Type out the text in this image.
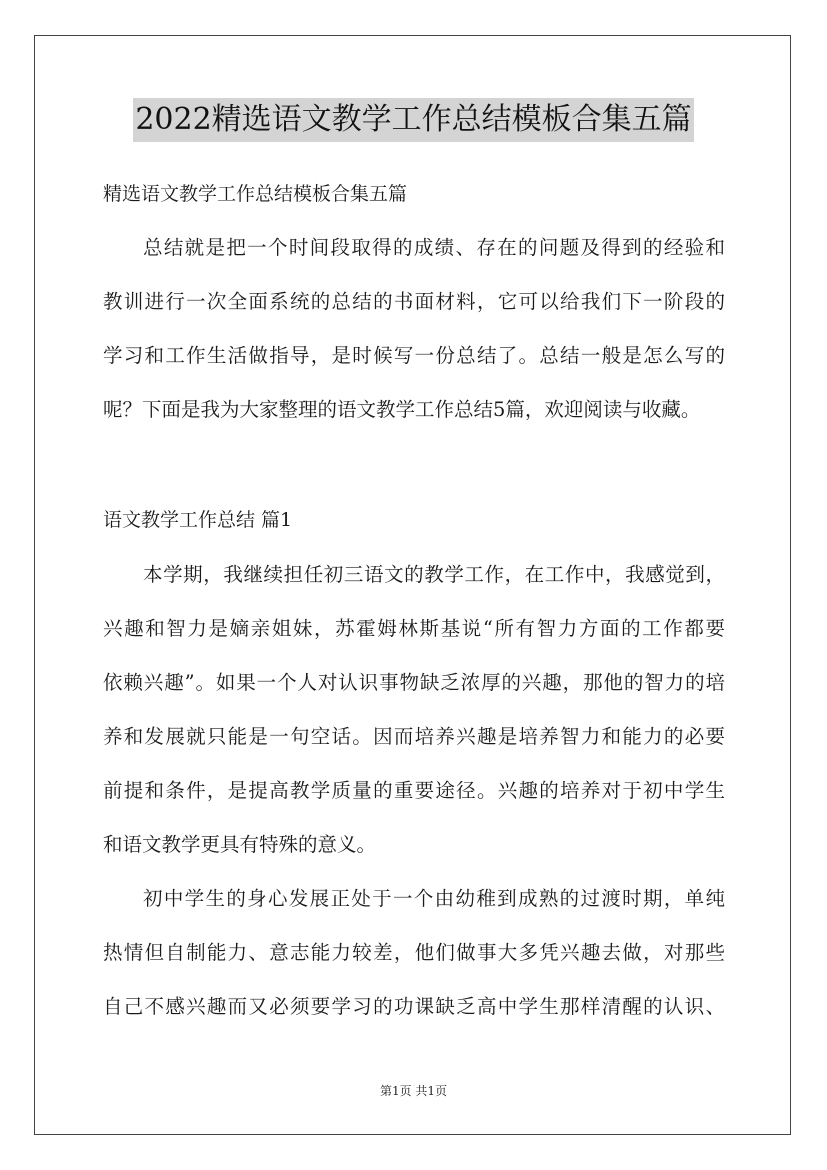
2022精选语文教学工作总结模板合集五篇
精选语文教学工作总结模板合集五篇
总结就是把一个时间段取得的成绩、存在的问题及得到的经验和
教训进行一次全面系统的总结的书面材料，它可以给我们下一阶段的
学习和工作生活做指导，是时候写一份总结了。总结一般是怎么写的
呢？下面是我为大家整理的语文教学工作总结5篇，欢迎阅读与收藏。
语文教学工作总结 篇1
本学期，我继续担任初三语文的教学工作，在工作中，我感觉到，
兴趣和智力是嫡亲姐妹，苏霍姆林斯基说“所有智力方面的工作都要
依赖兴趣”。如果一个人对认识事物缺乏浓厚的兴趣，那他的智力的培
养和发展就只能是一句空话。因而培养兴趣是培养智力和能力的必要
前提和条件，是提高教学质量的重要途径。兴趣的培养对于初中学生
和语文教学更具有特殊的意义。
初中学生的身心发展正处于一个由幼稚到成熟的过渡时期，单纯
热情但自制能力、意志能力较差，他们做事大多凭兴趣去做，对那些
自己不感兴趣而又必须要学习的功课缺乏高中学生那样清醒的认识、
第1页 共1页
